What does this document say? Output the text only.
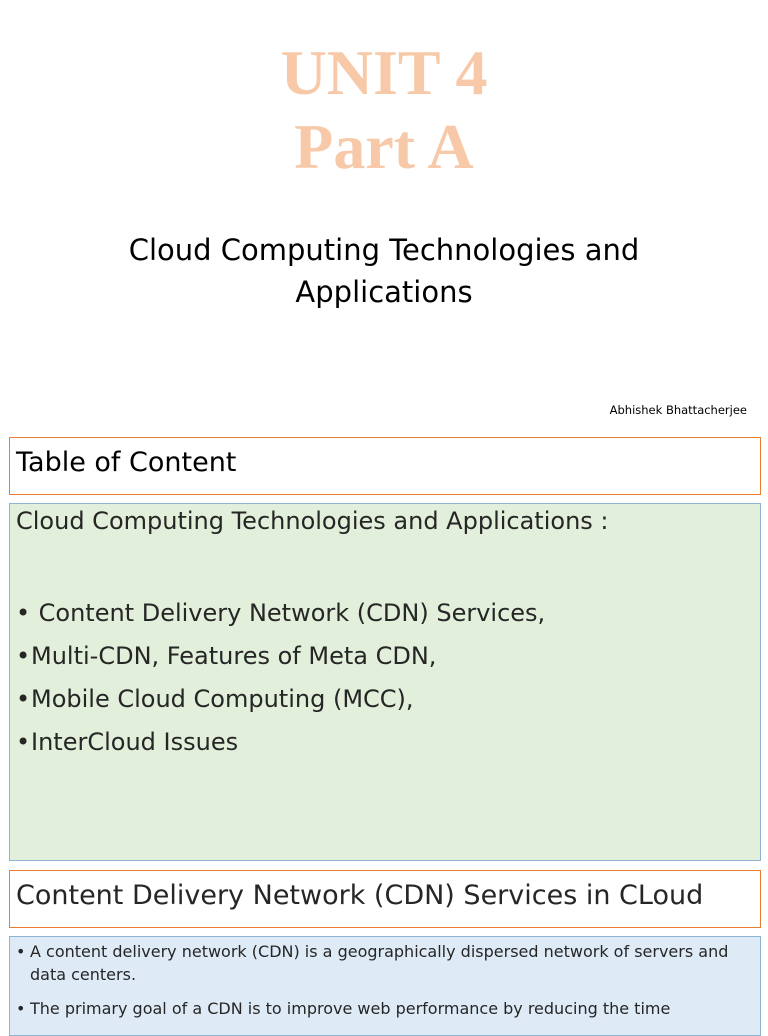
UNIT 4
Part A
Cloud Computing Technologies and
Applications
Abhishek Bhattacherjee
Table of Content
Cloud Computing Technologies and Applications :
• Content Delivery Network (CDN) Services,
•Multi-CDN, Features of Meta CDN,
•Mobile Cloud Computing (MCC),
•InterCloud Issues
Content Delivery Network (CDN) Services in CLoud
• A content delivery network (CDN) is a geographically dispersed network of servers and data centers.
• The primary goal of a CDN is to improve web performance by reducing the time
